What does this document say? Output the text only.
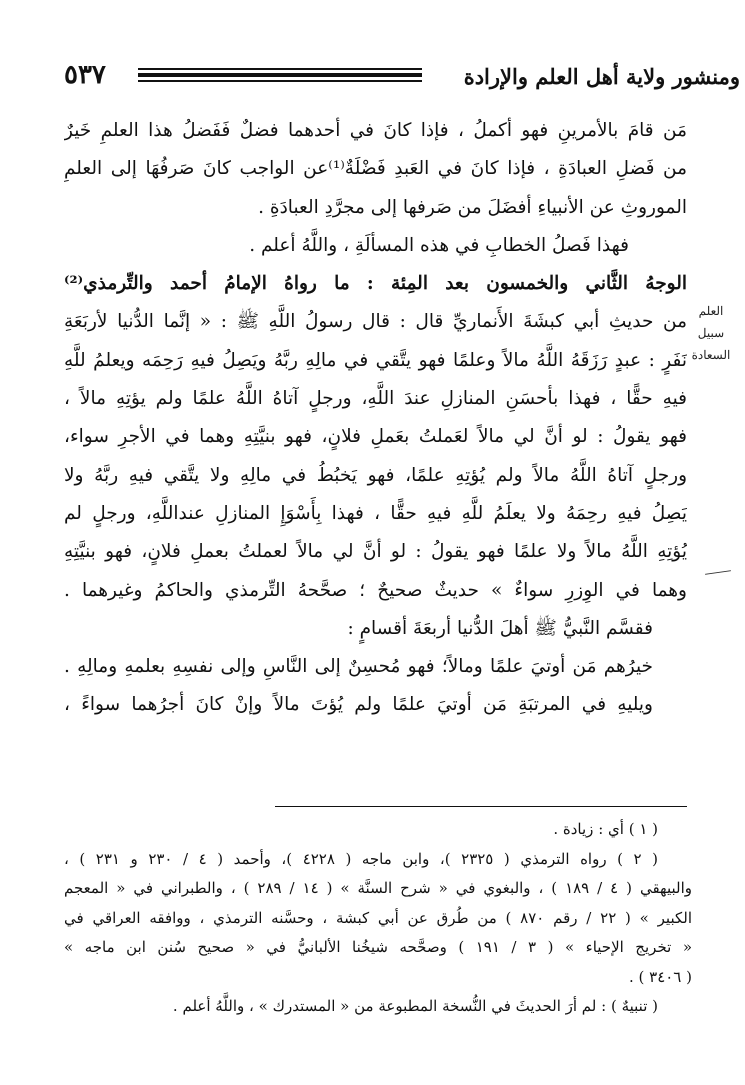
ومنشور ولاية أهل العلم والإرادة
٥٣٧
العلم
سبيل
السعادة

مَن قامَ بالأمرينِ فهو أكملُ ، فإذا كانَ في أحدهما فضلٌ فَفَضلُ هذا العلمِ خَيرٌ

من فَضلِ العبادَةِ ، فإذا كانَ في العَبدِ فَضْلَةٌ⁽¹⁾عن الواجب كانَ صَرفُهَا إلى العلمِ

الموروثِ عن الأنبياءِ أفضَلَ من صَرفها إلى مجرَّدِ العبادَةِ .

فهذا فَصلُ الخطابِ في هذه المسألَةِ ، واللَّهُ أعلم .

الوجهُ الثَّاني والخمسون بعد المِئة : ما رواهُ الإمامُ أحمد والتِّرمذي⁽²⁾

من حديثِ أبي كبشَةَ الأَنماريِّ قال : قال رسولُ اللَّهِ ﷺ : « إنَّما الدُّنيا لأربَعَةِ

نَفَرٍ : عبدٍ رَزَقَهُ اللَّهُ مالاً وعلمًا فهو يتَّقي في مالِهِ ربَّهُ ويَصِلُ فيهِ رَحِمَه ويعلمُ للَّهِ

فيهِ حقًّا ، فهذا بأحسَنِ المنازلِ عندَ اللَّهِ، ورجلٍ آتاهُ اللَّهُ علمًا ولم يؤتِهِ مالاً ،

فهو يقولُ : لو أنَّ لي مالاً لعَملتُ بعَملِ فلانٍ، فهو بنيَّتِهِ وهما في الأجرِ سواء،

ورجلٍ آتاهُ اللَّهُ مالاً ولم يُؤتِهِ علمًا، فهو يَخبُطُ في مالِهِ ولا يتَّقي فيهِ ربَّهُ ولا

يَصِلُ فيهِ رحِمَهُ ولا يعلَمُ للَّهِ فيهِ حقًّا ، فهذا بِأَسْوَإِ المنازلِ عنداللَّهِ، ورجلٍ لم

يُؤتِهِ اللَّهُ مالاً ولا علمًا فهو يقولُ : لو أنَّ لي مالاً لعملتُ بعملِ فلانٍ، فهو بنيَّتِهِ

وهما في الوِزرِ سواءٌ » حديثٌ صحيحٌ ؛ صحَّحهُ التِّرمذي والحاكمُ وغيرهما .

فقسَّم النَّبيُّ ﷺ أهلَ الدُّنيا أربعَةَ أقسامٍ :

خيرُهم مَن أوتيَ علمًا ومالاً؛ فهو مُحسِنٌ إلى النَّاسِ وإلى نفسِهِ بعلمهِ ومالِهِ .

ويليهِ في المرتبَةِ مَن أوتيَ علمًا ولم يُؤتَ مالاً وإنْ كانَ أجرُهما سواءً ،

( ١ ) أي : زيادة .

( ٢ ) رواه الترمذي ( ٢٣٢٥ )، وابن ماجه ( ٤٢٢٨ )، وأحمد ( ٤ / ٢٣٠ و ٢٣١ ) ،

والبيهقي ( ٤ / ١٨٩ ) ، والبغوي في « شرح السنَّة » ( ١٤ / ٢٨٩ ) ، والطبراني في « المعجم

الكبير » ( ٢٢ / رقم ٨٧٠ ) من طُرق عن أبي كبشة ، وحسَّنه الترمذي ، ووافقه العراقي في

« تخريج الإحياء » ( ٣ / ١٩١ ) وصحَّحه شيخُنا الألبانيُّ في « صحيح سُنن ابن ماجه »

( ٣٤٠٦ ) .

( تنبيهٌ ) : لم أرَ الحديثَ في النُّسخة المطبوعة من « المستدرك » ، واللَّهُ أعلم .
